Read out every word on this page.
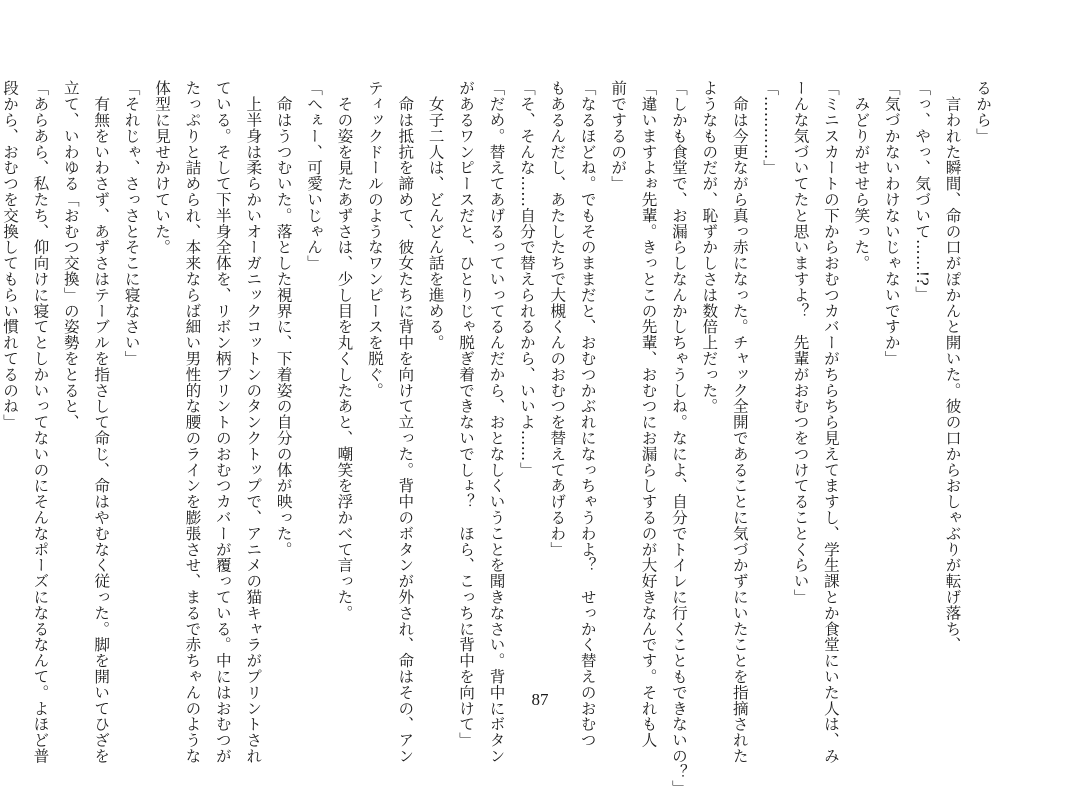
るから」
　言われた瞬間、命の口がぽかんと開いた。彼の口からおしゃぶりが転げ落ち、
「っ、やっ、気づいて……!?」
「気づかないわけないじゃないですか」
　みどりがせせら笑った。
「ミニスカートの下からおむつカバーがちらちら見えてますし、学生課とか食堂にいた人は、み
ーんな気づいてたと思いますよ？　先輩がおむつをつけてることくらい」
「…………」
　命は今更ながら真っ赤になった。チャック全開であることに気づかずにいたことを指摘された
ようなものだが、恥ずかしさは数倍上だった。
「しかも食堂で、お漏らしなんかしちゃうしね。なによ、自分でトイレに行くこともできないの？」
「違いますよぉ先輩。きっとこの先輩、おむつにお漏らしするのが大好きなんです。それも人
前でするのが」
「なるほどね。でもそのままだと、おむつかぶれになっちゃうわよ？　せっかく替えのおむつ
もあるんだし、あたしたちで大槻くんのおむつを替えてあげるわ」
「そ、そんな……自分で替えられるから、いいよ……」
「だめ。替えてあげるっていってるんだから、おとなしくいうことを聞きなさい。背中にボタン
があるワンピースだと、ひとりじゃ脱ぎ着できないでしょ？　ほら、こっちに背中を向けて」
　女子二人は、どんどん話を進める。
　命は抵抗を諦めて、彼女たちに背中を向けて立った。背中のボタンが外され、命はその、アン
ティックドールのようなワンピースを脱ぐ。
　その姿を見たあずさは、少し目を丸くしたあと、嘲笑を浮かべて言った。
「へぇー、可愛いじゃん」
　命はうつむいた。落とした視界に、下着姿の自分の体が映った。
　上半身は柔らかいオーガニックコットンのタンクトップで、アニメの猫キャラがプリントされ
ている。そして下半身全体を、リボン柄プリントのおむつカバーが覆っている。中にはおむつが
たっぷりと詰められ、本来ならば細い男性的な腰のラインを膨張させ、まるで赤ちゃんのような
体型に見せかけていた。
「それじゃ、さっさとそこに寝なさい」
　有無をいわさず、あずさはテーブルを指さして命じ、命はやむなく従った。脚を開いてひざを
立て、いわゆる「おむつ交換」の姿勢をとると、
「あらあら、私たち、仰向けに寝てとしかいってないのにそんなポーズになるなんて。よほど普
段から、おむつを交換してもらい慣れてるのね」
87
